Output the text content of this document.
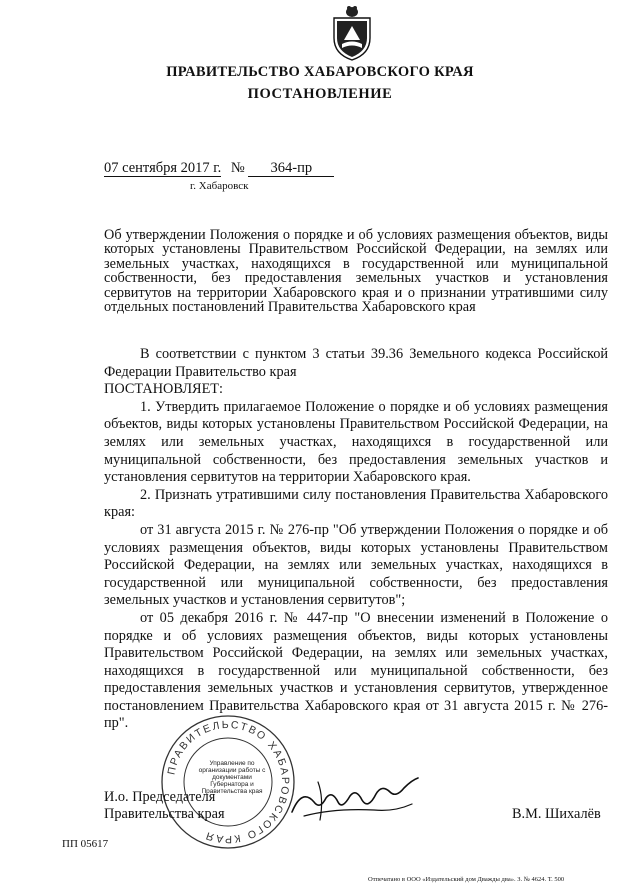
ПРАВИТЕЛЬСТВО ХАБАРОВСКОГО КРАЯ
ПОСТАНОВЛЕНИЕ
07 сентября 2017 г. № 364-пр
г. Хабаровск
Об утверждении Положения о порядке и об условиях размещения объектов, виды которых установлены Правительством Российской Федерации, на землях или земельных участках, находящихся в государственной или муниципальной собственности, без предоставления земельных участков и установления сервитутов на территории Хабаровского края и о признании утратившими силу отдельных постановлений Правительства Хабаровского края

В соответствии с пунктом 3 статьи 39.36 Земельного кодекса Российской Федерации Правительство края

ПОСТАНОВЛЯЕТ:

1. Утвердить прилагаемое Положение о порядке и об условиях размещения объектов, виды которых установлены Правительством Российской Федерации, на землях или земельных участках, находящихся в государственной или муниципальной собственности, без предоставления земельных участков и установления сервитутов на территории Хабаровского края.

2. Признать утратившими силу постановления Правительства Хабаровского края:

от 31 августа 2015 г. № 276-пр "Об утверждении Положения о порядке и об условиях размещения объектов, виды которых установлены Правительством Российской Федерации, на землях или земельных участках, находящихся в государственной или муниципальной собственности, без предоставления земельных участков и установления сервитутов";

от 05 декабря 2016 г. № 447-пр "О внесении изменений в Положение о порядке и об условиях размещения объектов, виды которых установлены Правительством Российской Федерации, на землях или земельных участках, находящихся в государственной или муниципальной собственности, без предоставления земельных участков и установления сервитутов, утвержденное постановлением Правительства Хабаровского края от 31 августа 2015 г. № 276-пр".

ПРАВИТЕЛЬСТВО ХАБАРОВСКОГО КРАЯ
Управление по организации работы с документами Губернатора и Правительства края
И.о. Председателя
Правительства края	В.М. Шихалёв
ПП 05617
Отпечатано в ООО «Издательский дом Дважды два». З. № 4624. Т. 500
